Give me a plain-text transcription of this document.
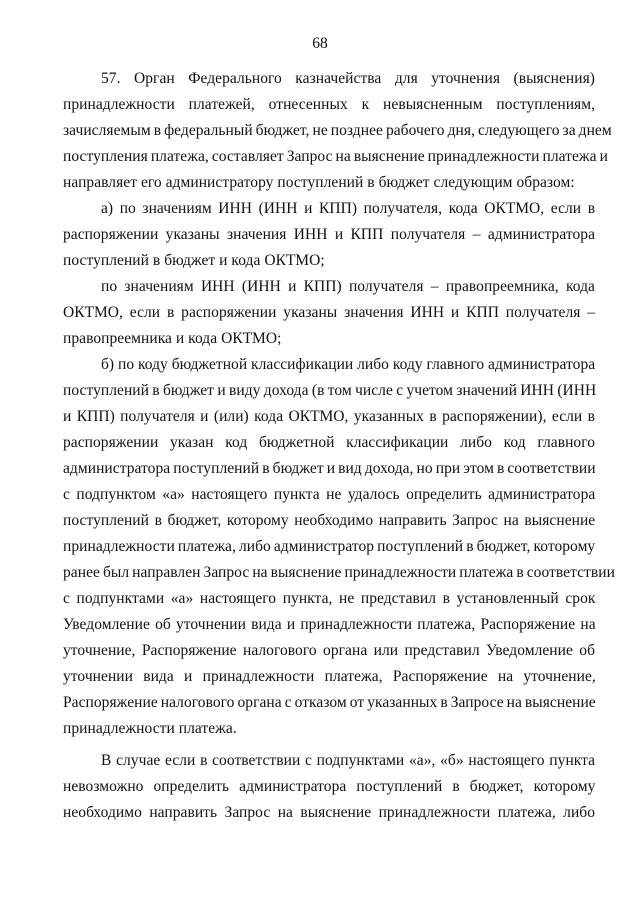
68

57. Орган Федерального казначейства для уточнения (выяснения)
принадлежности платежей, отнесенных к невыясненным поступлениям,
зачисляемым в федеральный бюджет, не позднее рабочего дня, следующего за днем
поступления платежа, составляет Запрос на выяснение принадлежности платежа и
направляет его администратору поступлений в бюджет следующим образом:

а) по значениям ИНН (ИНН и КПП) получателя, кода ОКТМО, если в
распоряжении указаны значения ИНН и КПП получателя – администратора
поступлений в бюджет и кода ОКТМО;

по значениям ИНН (ИНН и КПП) получателя – правопреемника, кода
ОКТМО, если в распоряжении указаны значения ИНН и КПП получателя –
правопреемника и кода ОКТМО;

б) по коду бюджетной классификации либо коду главного администратора
поступлений в бюджет и виду дохода (в том числе с учетом значений ИНН (ИНН
и КПП) получателя и (или) кода ОКТМО, указанных в распоряжении), если в
распоряжении указан код бюджетной классификации либо код главного
администратора поступлений в бюджет и вид дохода, но при этом в соответствии
с подпунктом «а» настоящего пункта не удалось определить администратора
поступлений в бюджет, которому необходимо направить Запрос на выяснение
принадлежности платежа, либо администратор поступлений в бюджет, которому
ранее был направлен Запрос на выяснение принадлежности платежа в соответствии
с подпунктами «а» настоящего пункта, не представил в установленный срок
Уведомление об уточнении вида и принадлежности платежа, Распоряжение на
уточнение, Распоряжение налогового органа или представил Уведомление об
уточнении вида и принадлежности платежа, Распоряжение на уточнение,
Распоряжение налогового органа с отказом от указанных в Запросе на выяснение
принадлежности платежа.

В случае если в соответствии с подпунктами «а», «б» настоящего пункта
невозможно определить администратора поступлений в бюджет, которому
необходимо направить Запрос на выяснение принадлежности платежа, либо
